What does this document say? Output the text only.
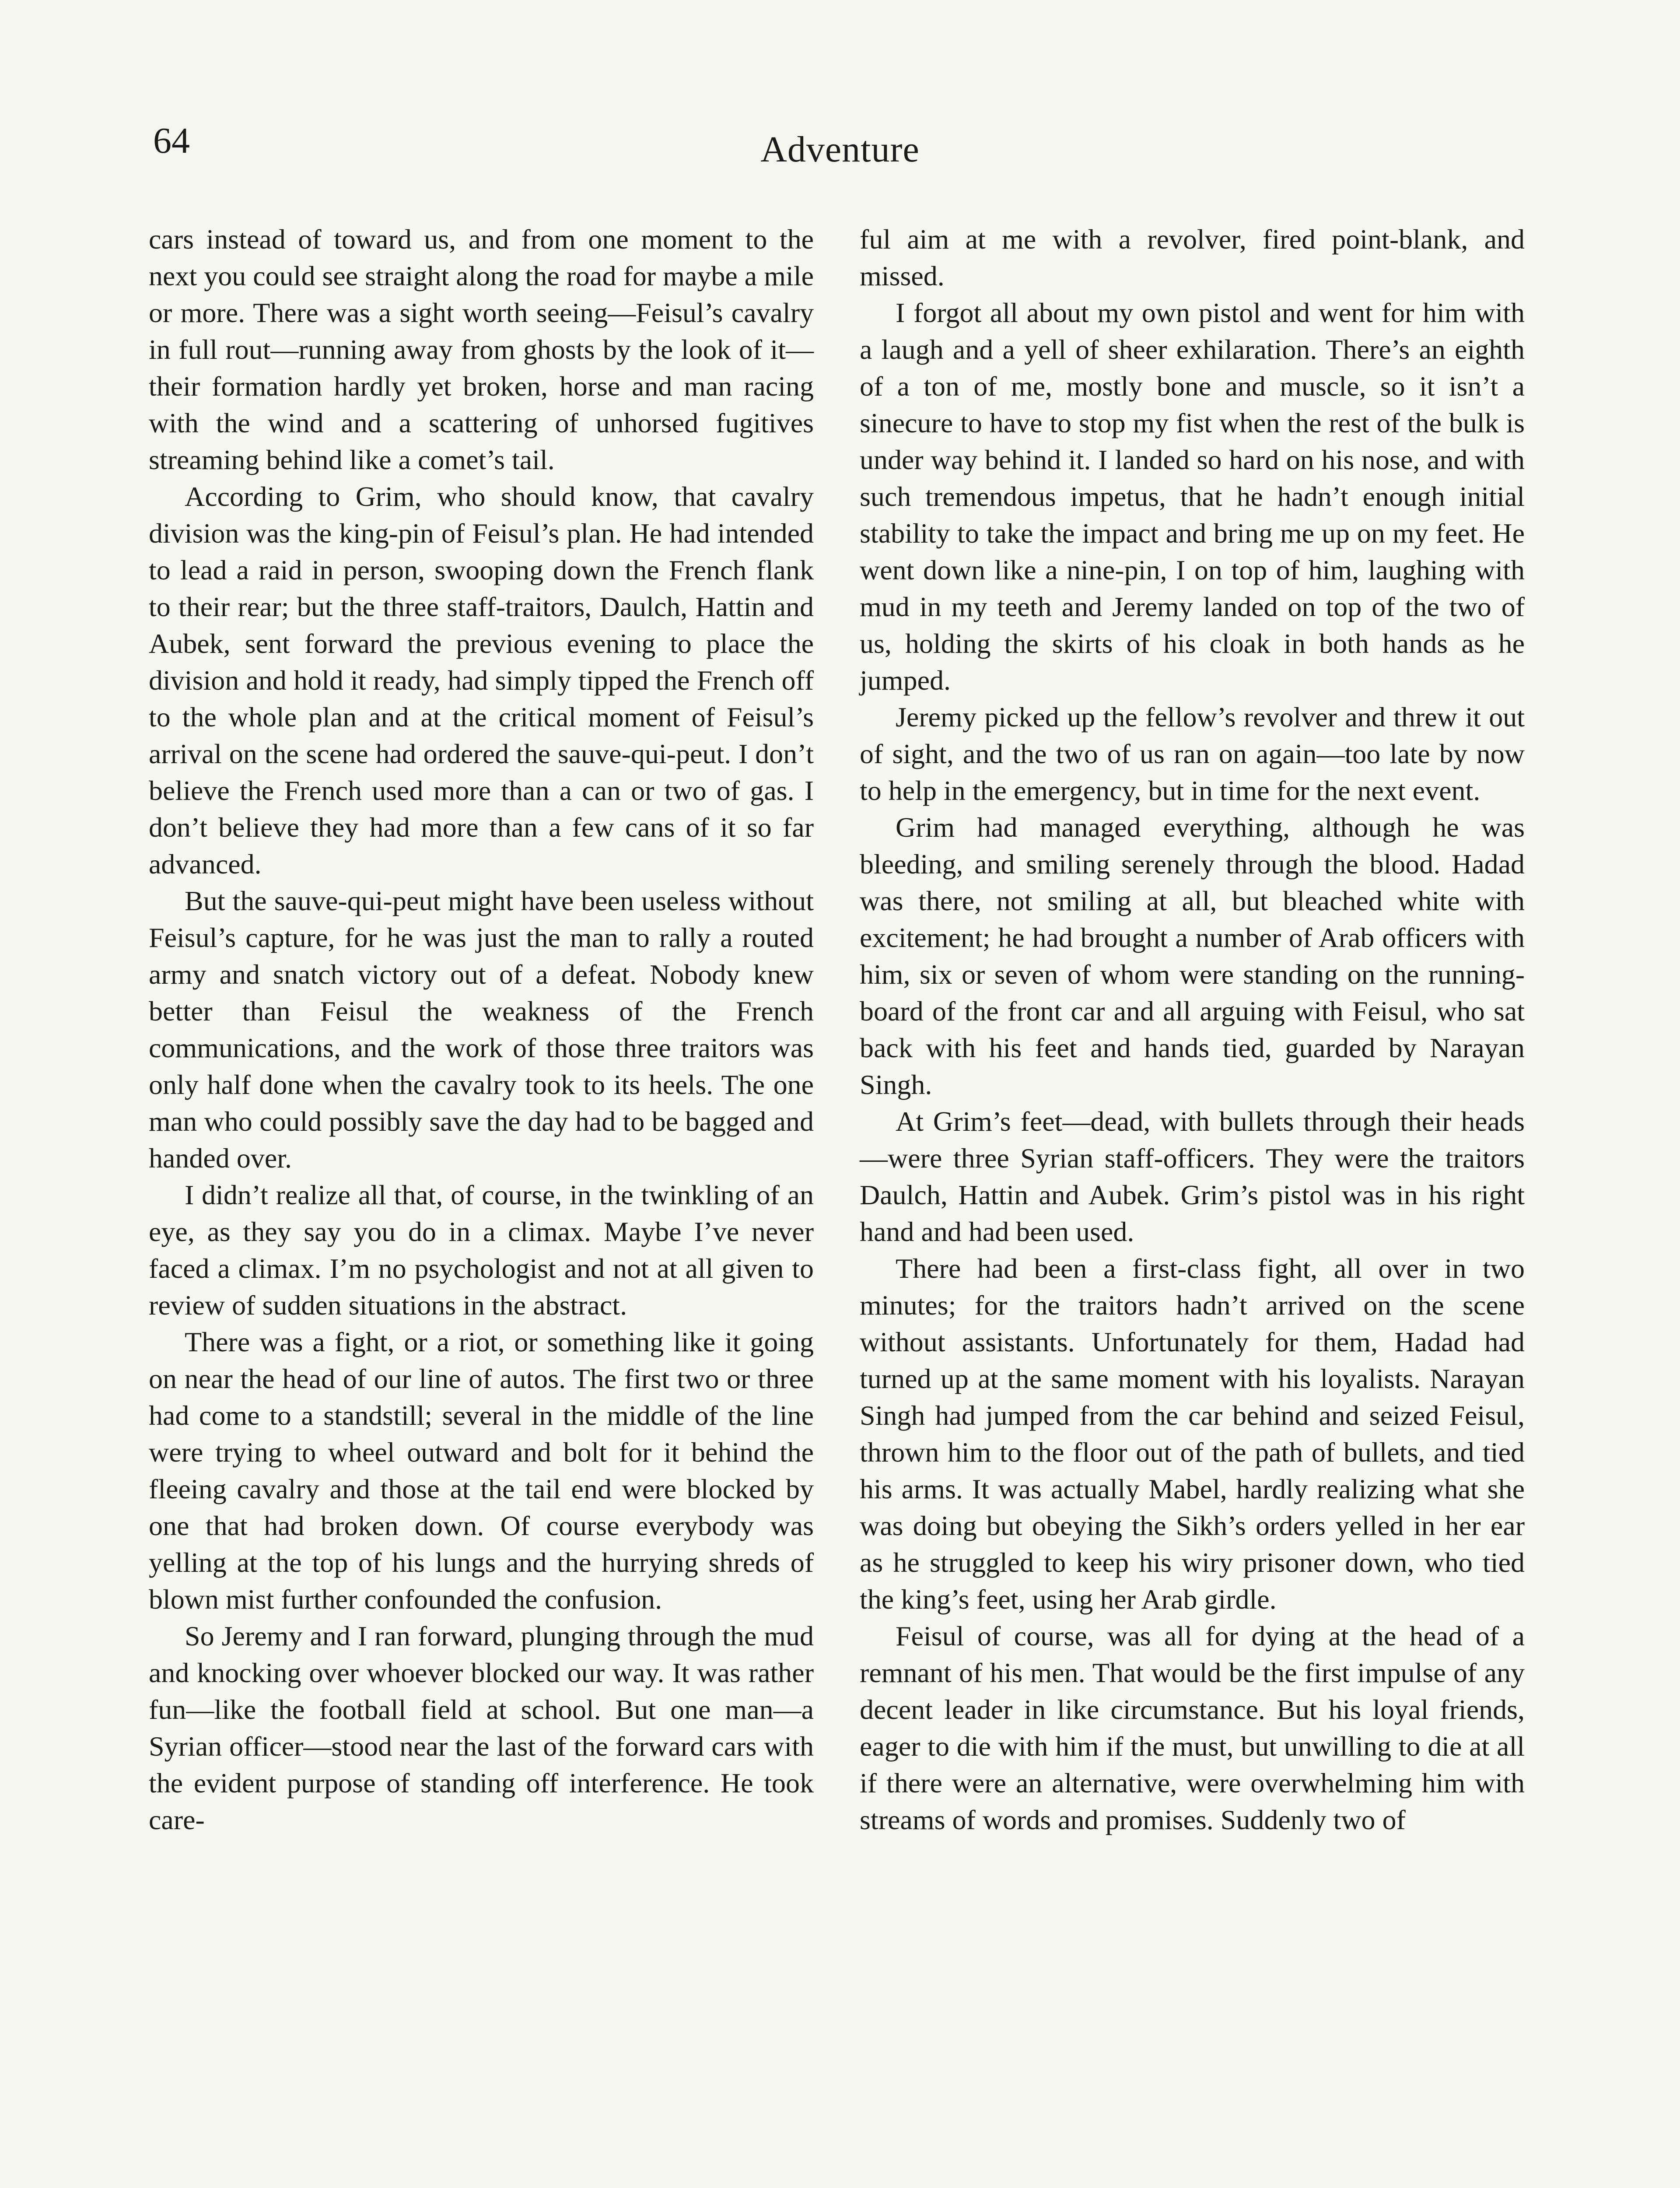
64	Adventure

cars instead of toward us, and from one moment to the next you could see straight along the road for maybe a mile or more. There was a sight worth seeing—Feisul’s cavalry in full rout—running away from ghosts by the look of it—their formation hardly yet broken, horse and man racing with the wind and a scattering of unhorsed fugitives streaming behind like a comet’s tail.

According to Grim, who should know, that cavalry division was the king-pin of Feisul’s plan. He had intended to lead a raid in person, swooping down the French flank to their rear; but the three staff-traitors, Daulch, Hattin and Aubek, sent forward the previous evening to place the division and hold it ready, had simply tipped the French off to the whole plan and at the critical moment of Feisul’s arrival on the scene had ordered the sauve-qui-peut. I don’t believe the French used more than a can or two of gas. I don’t believe they had more than a few cans of it so far advanced.

But the sauve-qui-peut might have been useless without Feisul’s capture, for he was just the man to rally a routed army and snatch victory out of a defeat. Nobody knew better than Feisul the weakness of the French communications, and the work of those three traitors was only half done when the cavalry took to its heels. The one man who could possibly save the day had to be bagged and handed over.

I didn’t realize all that, of course, in the twinkling of an eye, as they say you do in a climax. Maybe I’ve never faced a climax. I’m no psychologist and not at all given to review of sudden situations in the abstract.

There was a fight, or a riot, or something like it going on near the head of our line of autos. The first two or three had come to a standstill; several in the middle of the line were trying to wheel outward and bolt for it behind the fleeing cavalry and those at the tail end were blocked by one that had broken down. Of course everybody was yelling at the top of his lungs and the hurrying shreds of blown mist further confounded the confusion.

So Jeremy and I ran forward, plunging through the mud and knocking over whoever blocked our way. It was rather fun—like the football field at school. But one man—a Syrian officer—stood near the last of the forward cars with the evident purpose of standing off interference. He took care-

ful aim at me with a revolver, fired point-blank, and missed.

I forgot all about my own pistol and went for him with a laugh and a yell of sheer exhilaration. There’s an eighth of a ton of me, mostly bone and muscle, so it isn’t a sinecure to have to stop my fist when the rest of the bulk is under way behind it. I landed so hard on his nose, and with such tremendous impetus, that he hadn’t enough initial stability to take the impact and bring me up on my feet. He went down like a nine-pin, I on top of him, laughing with mud in my teeth and Jeremy landed on top of the two of us, holding the skirts of his cloak in both hands as he jumped.

Jeremy picked up the fellow’s revolver and threw it out of sight, and the two of us ran on again—too late by now to help in the emergency, but in time for the next event.

Grim had managed everything, although he was bleeding, and smiling serenely through the blood. Hadad was there, not smiling at all, but bleached white with excitement; he had brought a number of Arab officers with him, six or seven of whom were standing on the running-board of the front car and all arguing with Feisul, who sat back with his feet and hands tied, guarded by Narayan Singh.

At Grim’s feet—dead, with bullets through their heads—were three Syrian staff-officers. They were the traitors Daulch, Hattin and Aubek. Grim’s pistol was in his right hand and had been used.

There had been a first-class fight, all over in two minutes; for the traitors hadn’t arrived on the scene without assistants. Unfortunately for them, Hadad had turned up at the same moment with his loyalists. Narayan Singh had jumped from the car behind and seized Feisul, thrown him to the floor out of the path of bullets, and tied his arms. It was actually Mabel, hardly realizing what she was doing but obeying the Sikh’s orders yelled in her ear as he struggled to keep his wiry prisoner down, who tied the king’s feet, using her Arab girdle.

Feisul of course, was all for dying at the head of a remnant of his men. That would be the first impulse of any decent leader in like circumstance. But his loyal friends, eager to die with him if the must, but unwilling to die at all if there were an alternative, were overwhelming him with streams of words and promises. Suddenly two of
